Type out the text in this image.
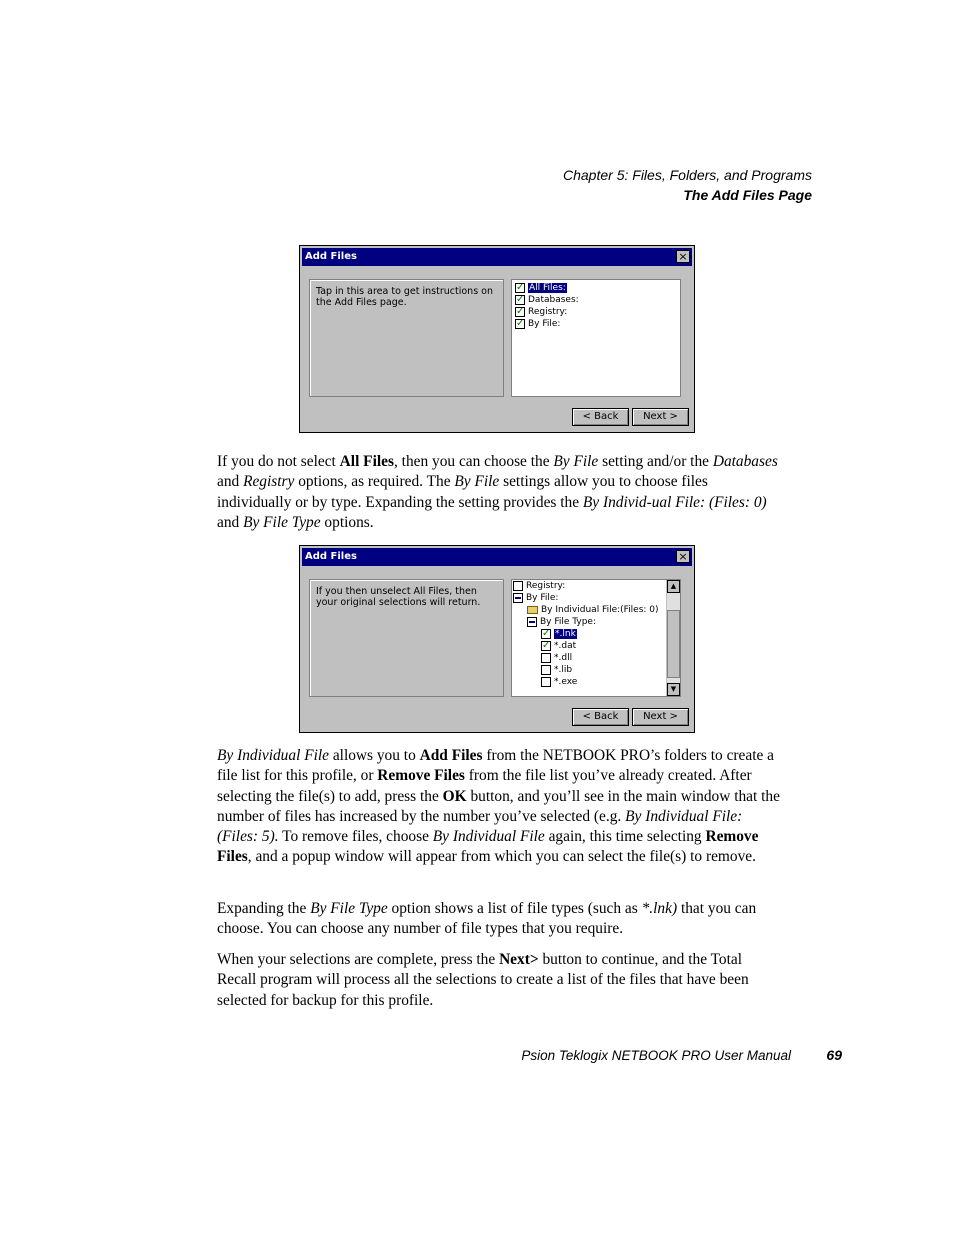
Chapter 5: Files, Folders, and Programs
The Add Files Page
Add Files	×
Tap in this area to get instructions on the Add Files page.
✓ All Files:
✓ Databases:
✓ Registry:
✓ By File:
< Back	Next >

If you do not select All Files, then you can choose the By File setting and/or the Databases and Registry options, as required. The By File settings allow you to choose files individually or by type. Expanding the setting provides the By Individ-ual File: (Files: 0) and By File Type options.

Add Files	×
If you then unselect All Files, then your original selections will return.
Registry:
By File:
By Individual File:(Files: 0)
By File Type:
✓ *.lnk
✓ *.dat
*.dll
*.lib
*.exe
▲
▼
< Back	Next >

By Individual File allows you to Add Files from the NETBOOK PRO’s folders to create a file list for this profile, or Remove Files from the file list you’ve already created. After selecting the file(s) to add, press the OK button, and you’ll see in the main window that the number of files has increased by the number you’ve selected (e.g. By Individual File: (Files: 5). To remove files, choose By Individual File again, this time selecting Remove Files, and a popup window will appear from which you can select the file(s) to remove.

Expanding the By File Type option shows a list of file types (such as *.lnk) that you can choose. You can choose any number of file types that you require.

When your selections are complete, press the Next> button to continue, and the Total Recall program will process all the selections to create a list of the files that have been selected for backup for this profile.

Psion Teklogix NETBOOK PRO User Manual	69
